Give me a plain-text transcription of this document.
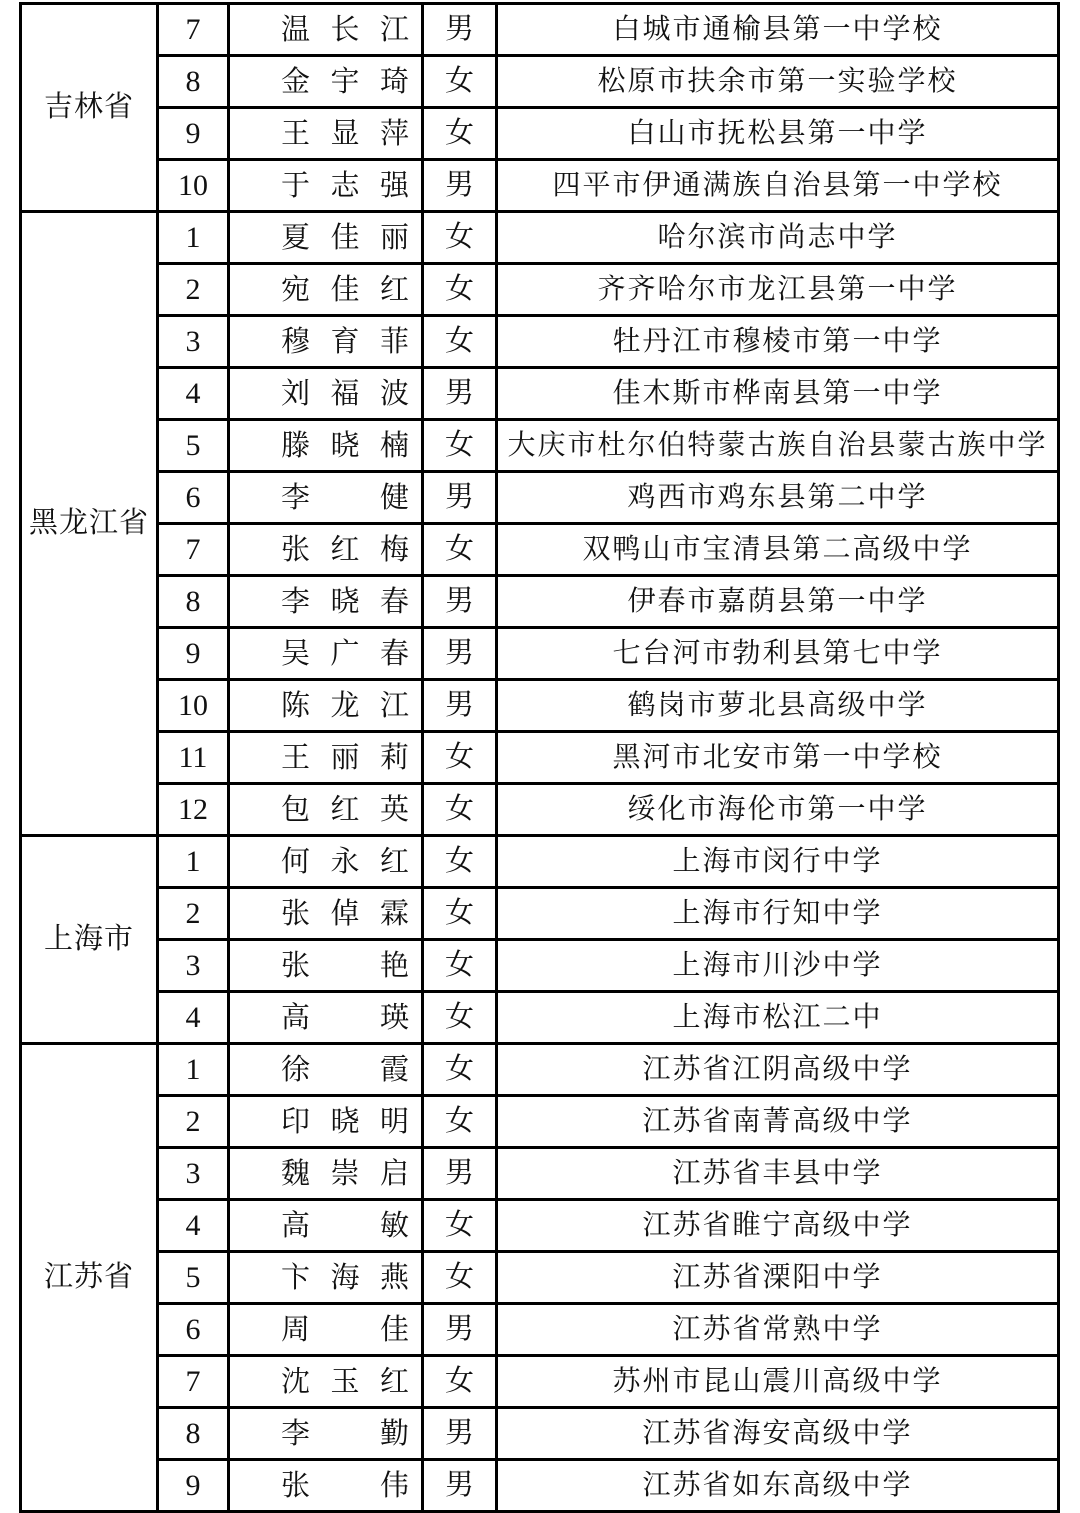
吉林省	7	温长江	男	白城市通榆县第一中学校
	8	金宇琦	女	松原市扶余市第一实验学校
	9	王显萍	女	白山市抚松县第一中学
	10	于志强	男	四平市伊通满族自治县第一中学校
黑龙江省	1	夏佳丽	女	哈尔滨市尚志中学
	2	宛佳红	女	齐齐哈尔市龙江县第一中学
	3	穆育菲	女	牡丹江市穆棱市第一中学
	4	刘福波	男	佳木斯市桦南县第一中学
	5	滕晓楠	女	大庆市杜尔伯特蒙古族自治县蒙古族中学
	6	李　健	男	鸡西市鸡东县第二中学
	7	张红梅	女	双鸭山市宝清县第二高级中学
	8	李晓春	男	伊春市嘉荫县第一中学
	9	吴广春	男	七台河市勃利县第七中学
	10	陈龙江	男	鹤岗市萝北县高级中学
	11	王丽莉	女	黑河市北安市第一中学校
	12	包红英	女	绥化市海伦市第一中学
上海市	1	何永红	女	上海市闵行中学
	2	张倬霖	女	上海市行知中学
	3	张　艳	女	上海市川沙中学
	4	高　瑛	女	上海市松江二中
江苏省	1	徐　霞	女	江苏省江阴高级中学
	2	印晓明	女	江苏省南菁高级中学
	3	魏崇启	男	江苏省丰县中学
	4	高　敏	女	江苏省睢宁高级中学
	5	卞海燕	女	江苏省溧阳中学
	6	周　佳	男	江苏省常熟中学
	7	沈玉红	女	苏州市昆山震川高级中学
	8	李　勤	男	江苏省海安高级中学
	9	张　伟	男	江苏省如东高级中学
